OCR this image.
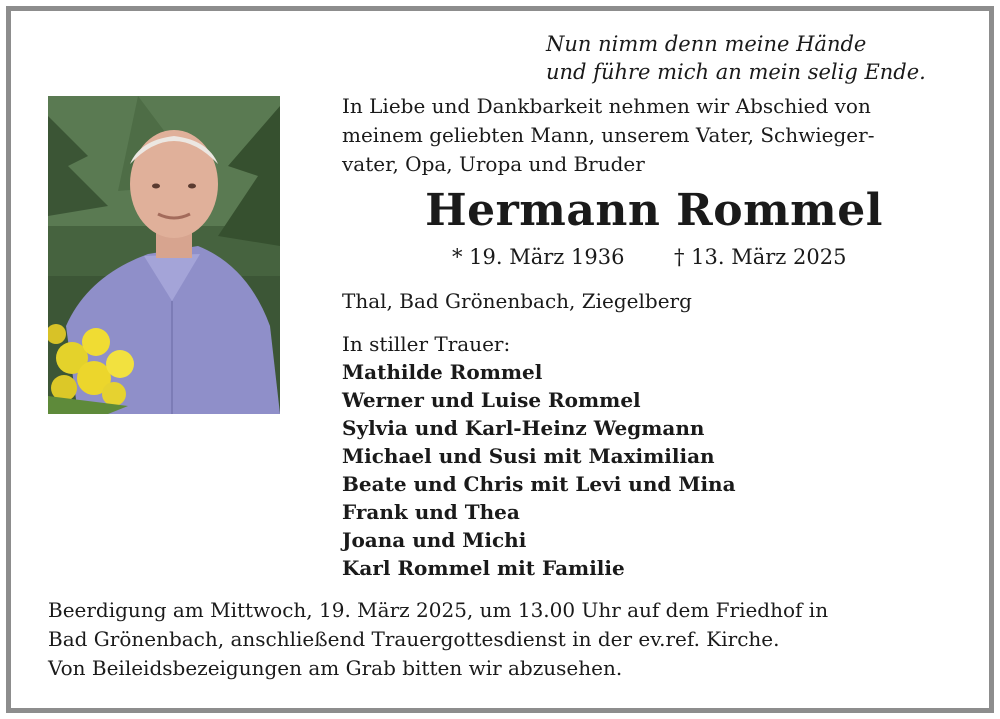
Nun nimm denn meine Hände
und führe mich an mein selig Ende.
In Liebe und Dankbarkeit nehmen wir Abschied von
meinem geliebten Mann, unserem Vater, Schwieger-
vater, Opa, Uropa und Bruder
Hermann Rommel
* 19. März 1936 † 13. März 2025
Thal, Bad Grönenbach, Ziegelberg
In stiller Trauer:
Mathilde Rommel
Werner und Luise Rommel
Sylvia und Karl-Heinz Wegmann
Michael und Susi mit Maximilian
Beate und Chris mit Levi und Mina
Frank und Thea
Joana und Michi
Karl Rommel mit Familie
Beerdigung am Mittwoch, 19. März 2025, um 13.00 Uhr auf dem Friedhof in
Bad Grönenbach, anschließend Trauergottesdienst in der ev.ref. Kirche.
Von Beileidsbezeigungen am Grab bitten wir abzusehen.
